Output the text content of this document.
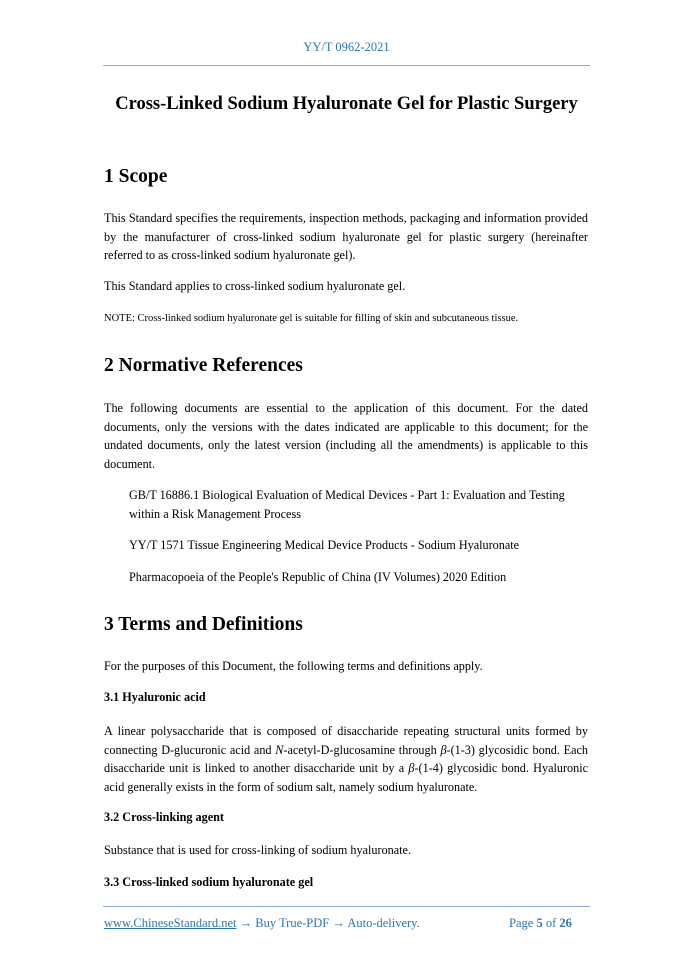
YY/T 0962-2021
Cross-Linked Sodium Hyaluronate Gel for Plastic Surgery
1 Scope

This Standard specifies the requirements, inspection methods, packaging and information provided by the manufacturer of cross-linked sodium hyaluronate gel for plastic surgery (hereinafter referred to as cross-linked sodium hyaluronate gel).

This Standard applies to cross-linked sodium hyaluronate gel.

NOTE: Cross-linked sodium hyaluronate gel is suitable for filling of skin and subcutaneous tissue.

2 Normative References

The following documents are essential to the application of this document. For the dated documents, only the versions with the dates indicated are applicable to this document; for the undated documents, only the latest version (including all the amendments) is applicable to this document.

GB/T 16886.1 Biological Evaluation of Medical Devices - Part 1: Evaluation and Testing within a Risk Management Process

YY/T 1571 Tissue Engineering Medical Device Products - Sodium Hyaluronate

Pharmacopoeia of the People's Republic of China (IV Volumes) 2020 Edition

3 Terms and Definitions

For the purposes of this Document, the following terms and definitions apply.

3.1 Hyaluronic acid

A linear polysaccharide that is composed of disaccharide repeating structural units formed by connecting D-glucuronic acid and N-acetyl-D-glucosamine through β-(1-3) glycosidic bond. Each disaccharide unit is linked to another disaccharide unit by a β-(1-4) glycosidic bond. Hyaluronic acid generally exists in the form of sodium salt, namely sodium hyaluronate.

3.2 Cross-linking agent

Substance that is used for cross-linking of sodium hyaluronate.

3.3 Cross-linked sodium hyaluronate gel
www.ChineseStandard.net → Buy True-PDF → Auto-delivery.	Page 5 of 26
